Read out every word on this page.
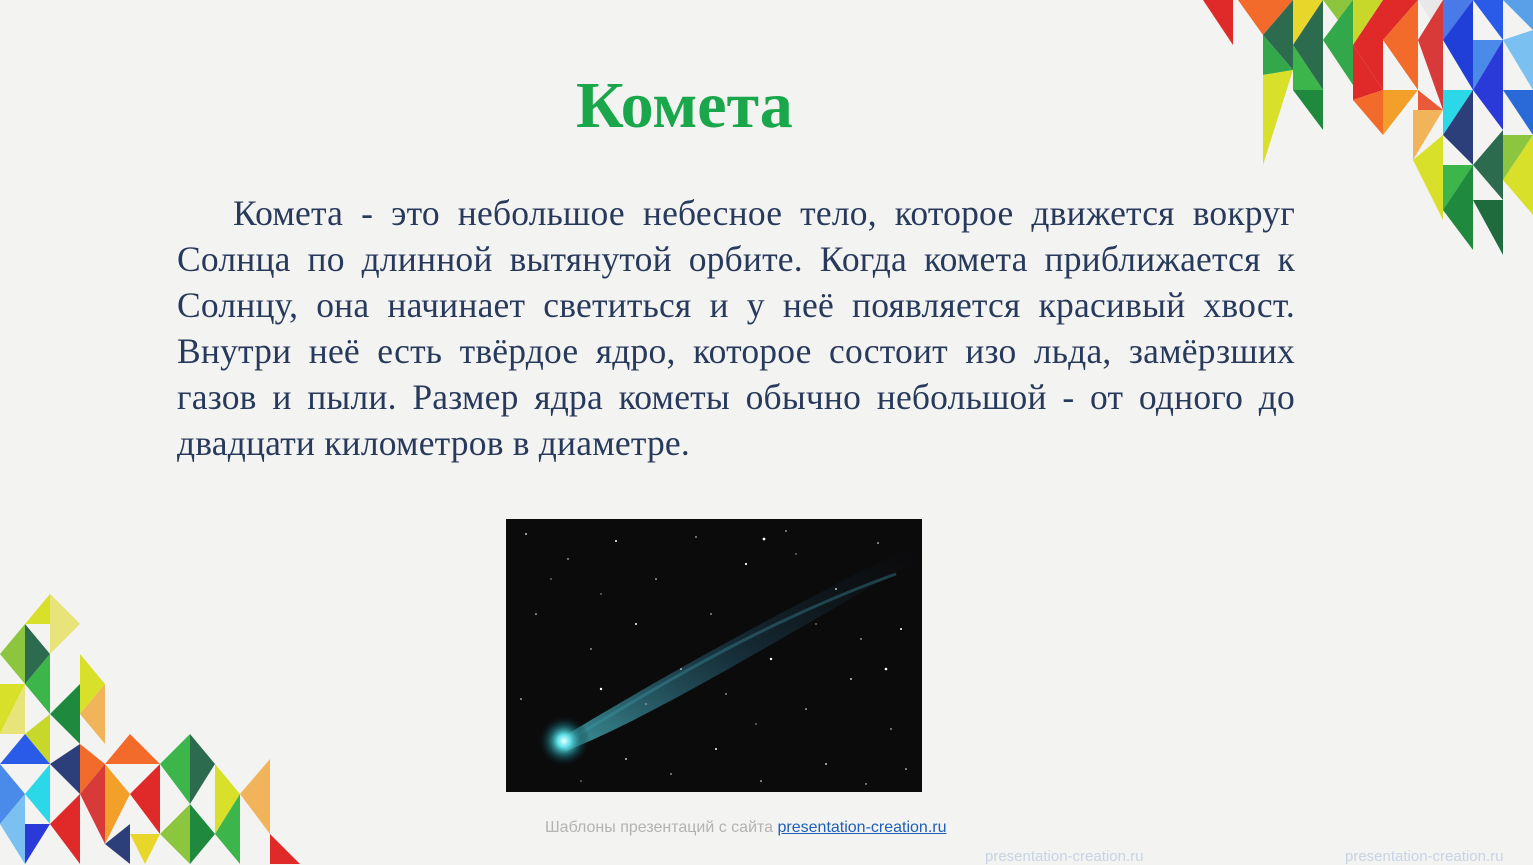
Комета

Комета - это небольшое небесное тело, которое движется вокруг Солнца по длинной вытянутой орбите. Когда комета приближается к Солнцу, она начинает светиться и у неё появляется красивый хвост. Внутри неё есть твёрдое ядро, которое состоит изо льда, замёрзших газов и пыли. Размер ядра кометы обычно небольшой - от одного до двадцати километров в диаметре.

Шаблоны презентаций с сайта presentation-creation.ru
presentation-creation.ru	presentation-creation.ru
